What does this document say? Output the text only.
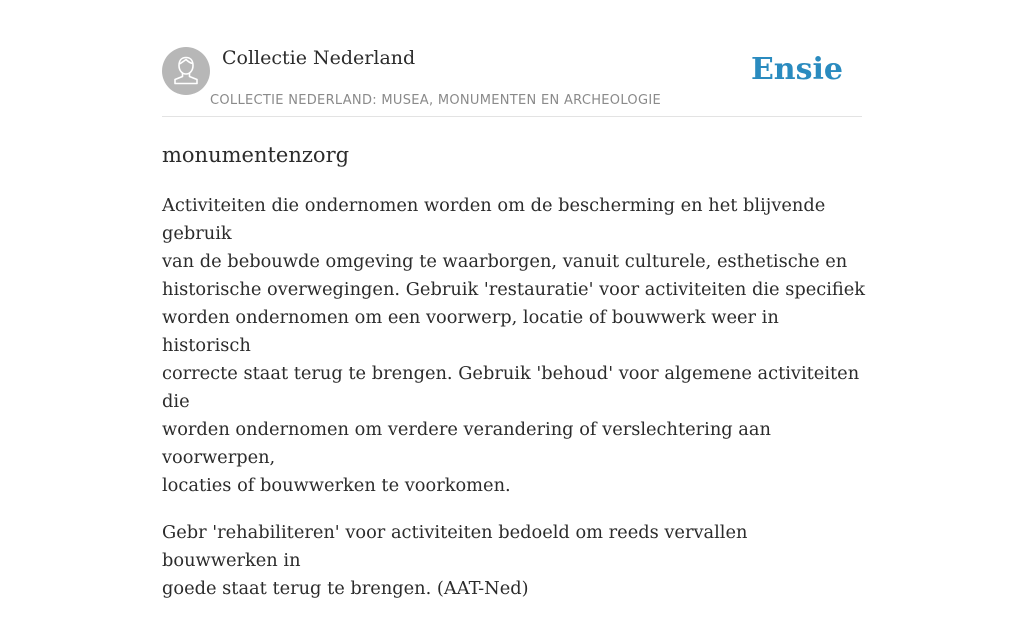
Collectie Nederland
COLLECTIE NEDERLAND: MUSEA, MONUMENTEN EN ARCHEOLOGIE
Ensie
monumentenzorg

Activiteiten die ondernomen worden om de bescherming en het blijvende gebruik
van de bebouwde omgeving te waarborgen, vanuit culturele, esthetische en
historische overwegingen. Gebruik 'restauratie' voor activiteiten die specifiek
worden ondernomen om een voorwerp, locatie of bouwwerk weer in historisch
correcte staat terug te brengen. Gebruik 'behoud' voor algemene activiteiten die
worden ondernomen om verdere verandering of verslechtering aan voorwerpen,
locaties of bouwwerken te voorkomen.

Gebr 'rehabiliteren' voor activiteiten bedoeld om reeds vervallen bouwwerken in
goede staat terug te brengen. (AAT-Ned)
